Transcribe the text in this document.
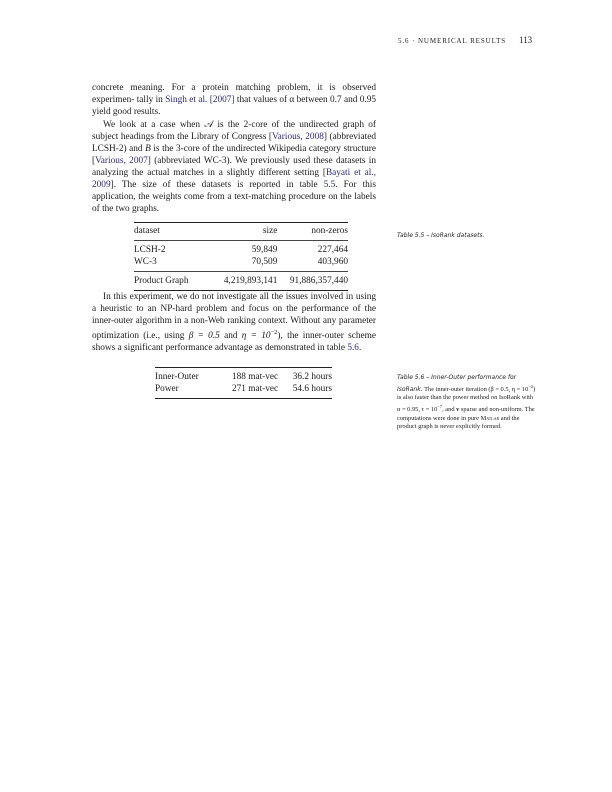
5.6 · NUMERICAL RESULTS 113

concrete meaning. For a protein matching problem, it is observed experimen- tally in Singh et al. [2007] that values of α between 0.7 and 0.95 yield good results.

We look at a case when 𝒜 is the 2-core of the undirected graph of subject headings from the Library of Congress [Various, 2008] (abbreviated LCSH-2) and B is the 3-core of the undirected Wikipedia category structure [Various, 2007] (abbreviated WC-3). We previously used these datasets in analyzing the actual matches in a slightly different setting [Bayati et al., 2009]. The size of these datasets is reported in table 5.5. For this application, the weights come from a text-matching procedure on the labels of the two graphs.

dataset	size	non-zeros
LCSH-2	59,849	227,464
WC-3	70,509	403,960
Product Graph	4,219,893,141	91,886,357,440
Table 5.5 – IsoRank datasets.

In this experiment, we do not investigate all the issues involved in using a heuristic to an NP-hard problem and focus on the performance of the inner-outer algorithm in a non-Web ranking context. Without any parameter optimization (i.e., using β = 0.5 and $\eta = 10^{-2}$), the inner-outer scheme shows a significant performance advantage as demonstrated in table 5.6.

Inner-Outer	188 mat-vec	36.2 hours
Power	271 mat-vec	54.6 hours
Table 5.6 – Inner-Outer performance for IsoRank. The inner-outer iteration (β = 0.5, $\eta = 10^{-2}$) is also faster than the power method on IsoRank with α = 0.95, $\tau = 10^{-7}$, and v sparse and non-uniform. The computations were done in pure Matlab and the product graph is never explicitly formed.
